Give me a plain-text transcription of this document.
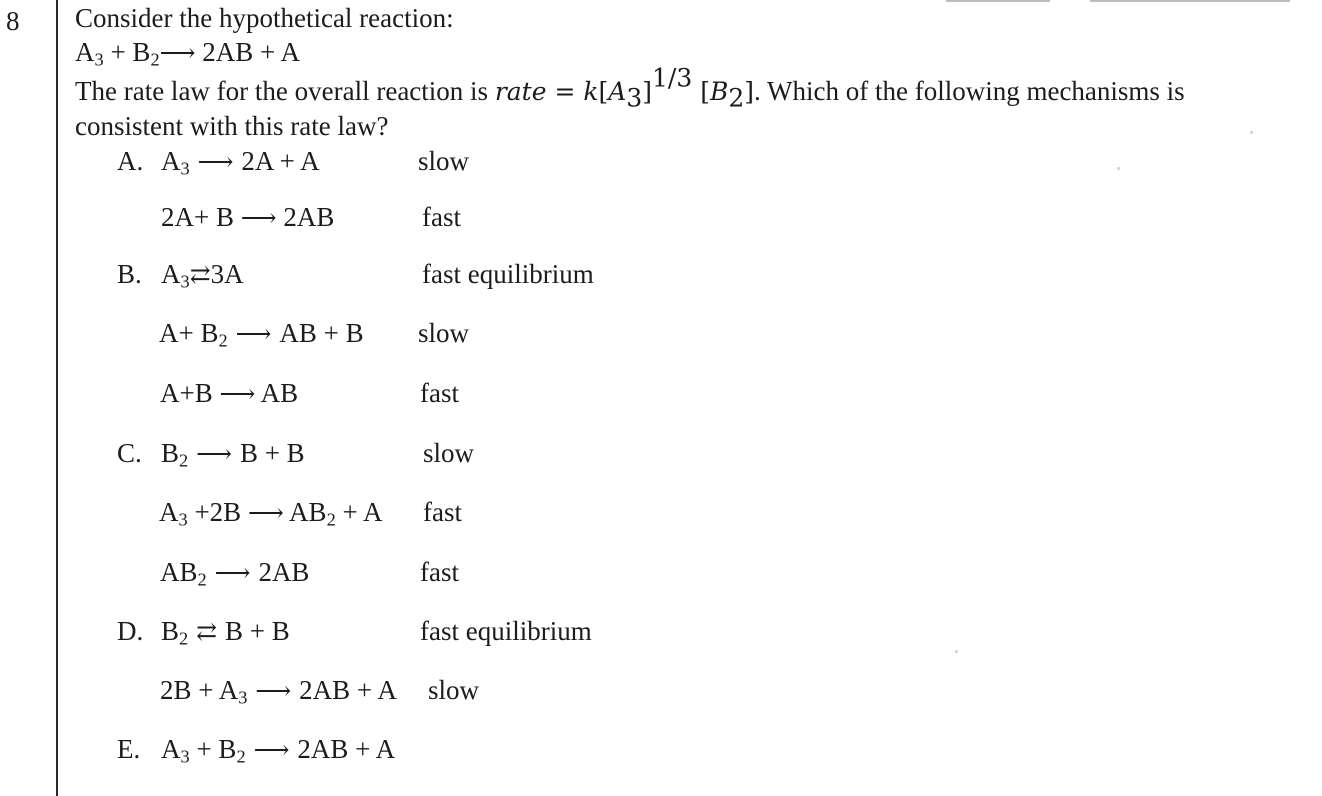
8 Consider the hypothetical reaction:
$A_3$ + $B_2⟶$ 2AB + A
The rate law for the overall reaction is rate = $k[A_3]^{1/3}$ $[B_2]$. Which of the following mechanisms is
consistent with this rate law?
A. $A_3$ ⟶ 2A + A	slow
2A+ B ⟶ 2AB	fast
B. $A_3⇄3A$	fast equilibrium
$A+ B_2$ ⟶ AB + B slow
A+B ⟶ AB	fast
C. $B_2$ ⟶ B + B	slow
$A_3 +2B$ ⟶ $AB_2 + A$ fast
$AB_2$ ⟶ 2AB	fast
D. $B_2$ ⇄ B + B	fast equilibrium
$2B + A_3$ ⟶ 2AB + A slow
E. $A_3 + B_2$ ⟶ 2AB + A
